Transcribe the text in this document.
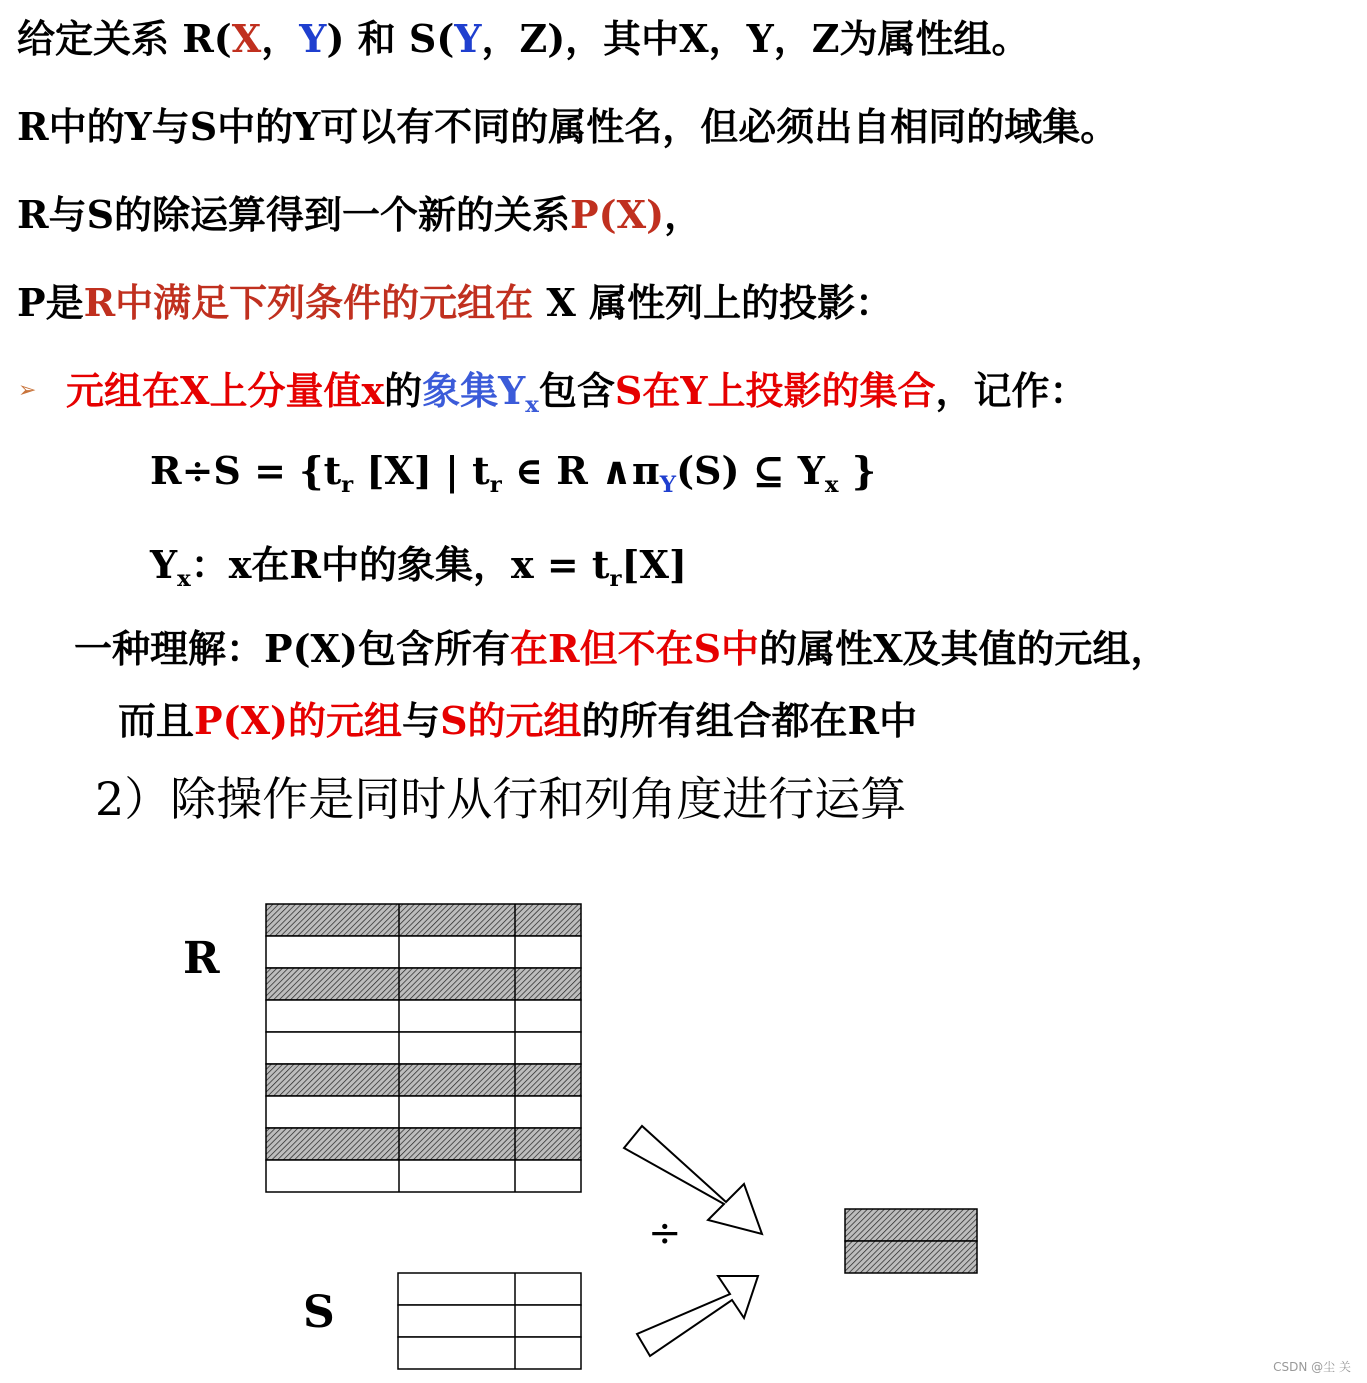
给定关系 R(X，Y) 和 S(Y，Z)，其中X，Y，Z为属性组。
R中的Y与S中的Y可以有不同的属性名，但必须出自相同的域集。
R与S的除运算得到一个新的关系P(X)，
P是R中满足下列条件的元组在 X 属性列上的投影：
➢ 元组在X上分量值x的象集$Y_x$包含S在Y上投影的集合，记作：
$R\div S = \{t_r$ [X] | $t_r$ ∈ R $\wedge\pi_Y(S)$ ⊆ $Y_x$ }
$Y_x$：x在R中的象集，$x = t_r[X]$
一种理解：P(X)包含所有在R但不在S中的属性X及其值的元组，
而且P(X)的元组与S的元组的所有组合都在R中
2）除操作是同时从行和列角度进行运算
R
S
÷
CSDN @尘 关
